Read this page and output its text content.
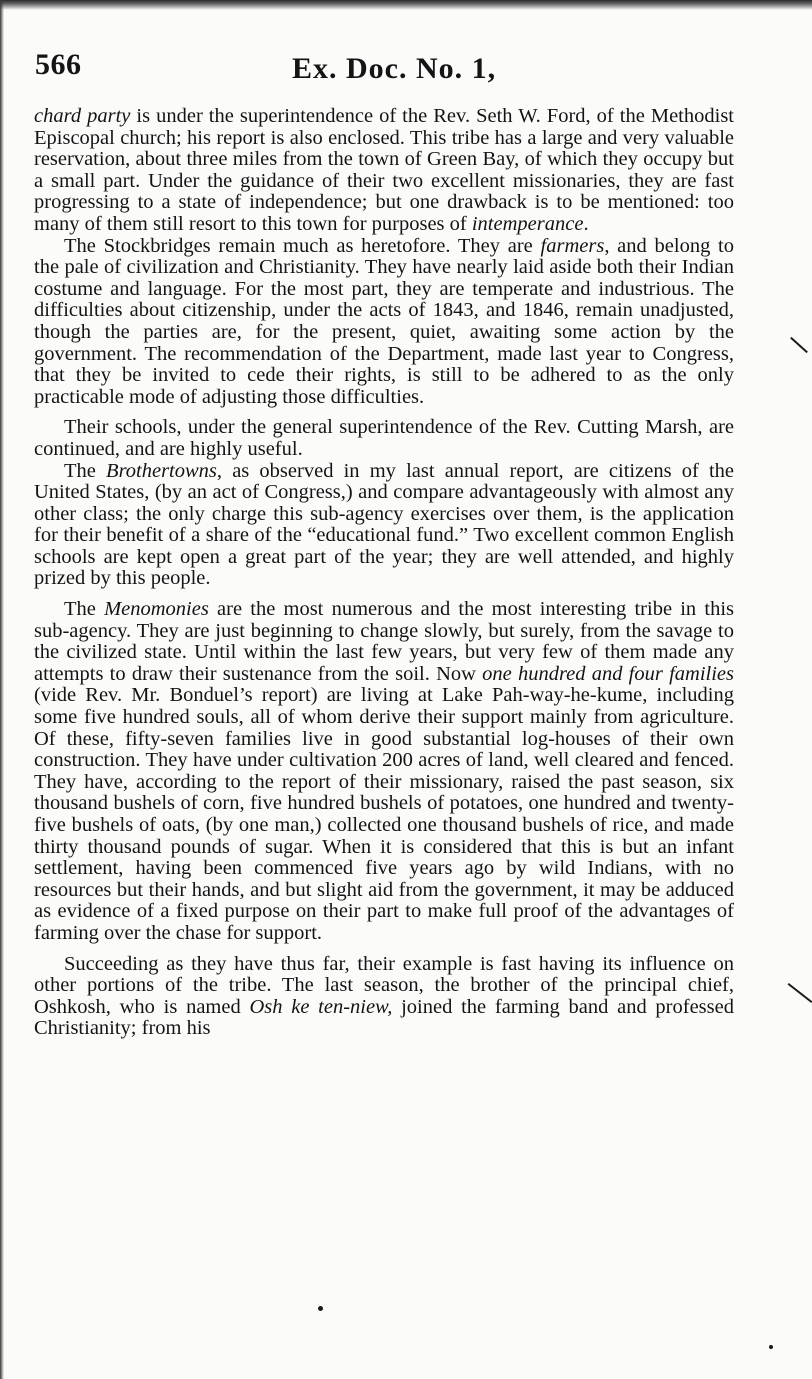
566	Ex. Doc. No. 1,

chard party is under the superintendence of the Rev. Seth W. Ford, of the Methodist Episcopal church; his report is also enclosed. This tribe has a large and very valuable reservation, about three miles from the town of Green Bay, of which they occupy but a small part. Under the guidance of their two excellent missionaries, they are fast progressing to a state of independence; but one drawback is to be mentioned: too many of them still resort to this town for purposes of intemperance.

The Stockbridges remain much as heretofore. They are farmers, and belong to the pale of civilization and Christianity. They have nearly laid aside both their Indian costume and language. For the most part, they are temperate and industrious. The difficulties about citizenship, under the acts of 1843, and 1846, remain unadjusted, though the parties are, for the present, quiet, awaiting some action by the government. The recommendation of the Department, made last year to Congress, that they be invited to cede their rights, is still to be adhered to as the only practicable mode of adjusting those difficulties.

Their schools, under the general superintendence of the Rev. Cutting Marsh, are continued, and are highly useful.

The Brothertowns, as observed in my last annual report, are citizens of the United States, (by an act of Congress,) and compare advantageously with almost any other class; the only charge this sub-agency exercises over them, is the application for their benefit of a share of the “educational fund.” Two excellent common English schools are kept open a great part of the year; they are well attended, and highly prized by this people.

The Menomonies are the most numerous and the most interesting tribe in this sub-agency. They are just beginning to change slowly, but surely, from the savage to the civilized state. Until within the last few years, but very few of them made any attempts to draw their sustenance from the soil. Now one hundred and four families (vide Rev. Mr. Bonduel’s report) are living at Lake Pah-way-he-kume, including some five hundred souls, all of whom derive their support mainly from agriculture. Of these, fifty-seven families live in good substantial log-houses of their own construction. They have under cultivation 200 acres of land, well cleared and fenced. They have, according to the report of their missionary, raised the past season, six thousand bushels of corn, five hundred bushels of potatoes, one hundred and twenty-five bushels of oats, (by one man,) collected one thousand bushels of rice, and made thirty thousand pounds of sugar. When it is considered that this is but an infant settlement, having been commenced five years ago by wild Indians, with no resources but their hands, and but slight aid from the government, it may be adduced as evidence of a fixed purpose on their part to make full proof of the advantages of farming over the chase for support.

Succeeding as they have thus far, their example is fast having its influence on other portions of the tribe. The last season, the brother of the principal chief, Oshkosh, who is named Osh ke ten-niew, joined the farming band and professed Christianity; from his
